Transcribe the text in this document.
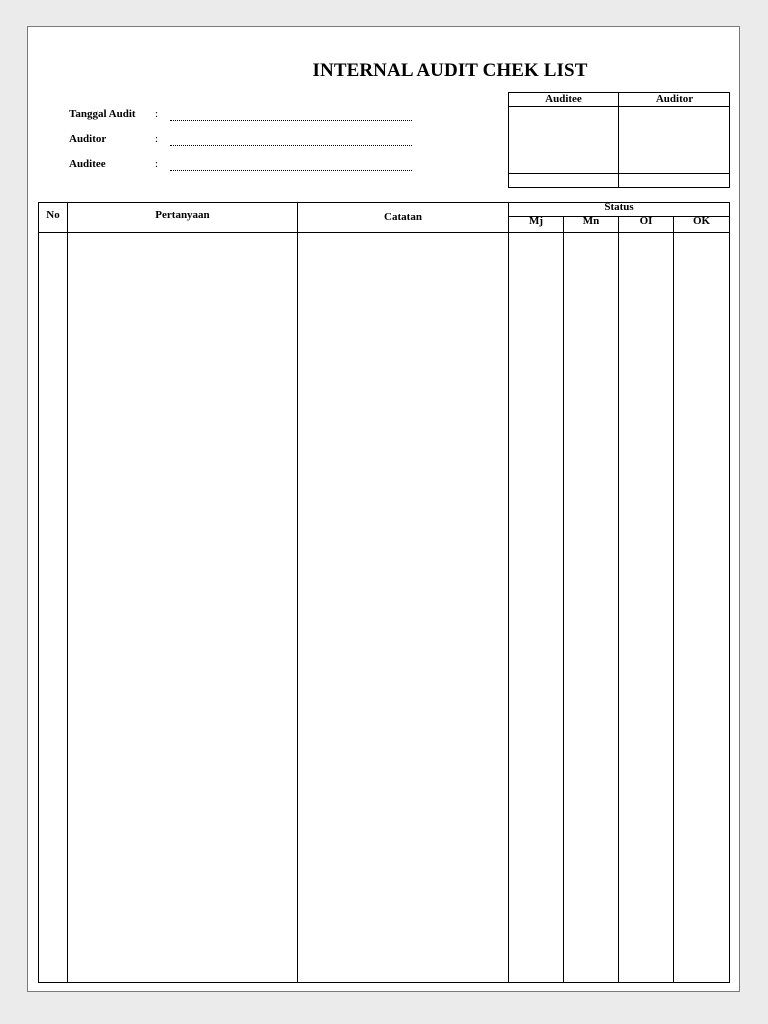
INTERNAL AUDIT CHEK LIST
Tanggal Audit :
Auditor	:
Auditee	:
Auditee	Auditor
No	Pertanyaan	Catatan
Status
Mj	Mn	OI	OK
